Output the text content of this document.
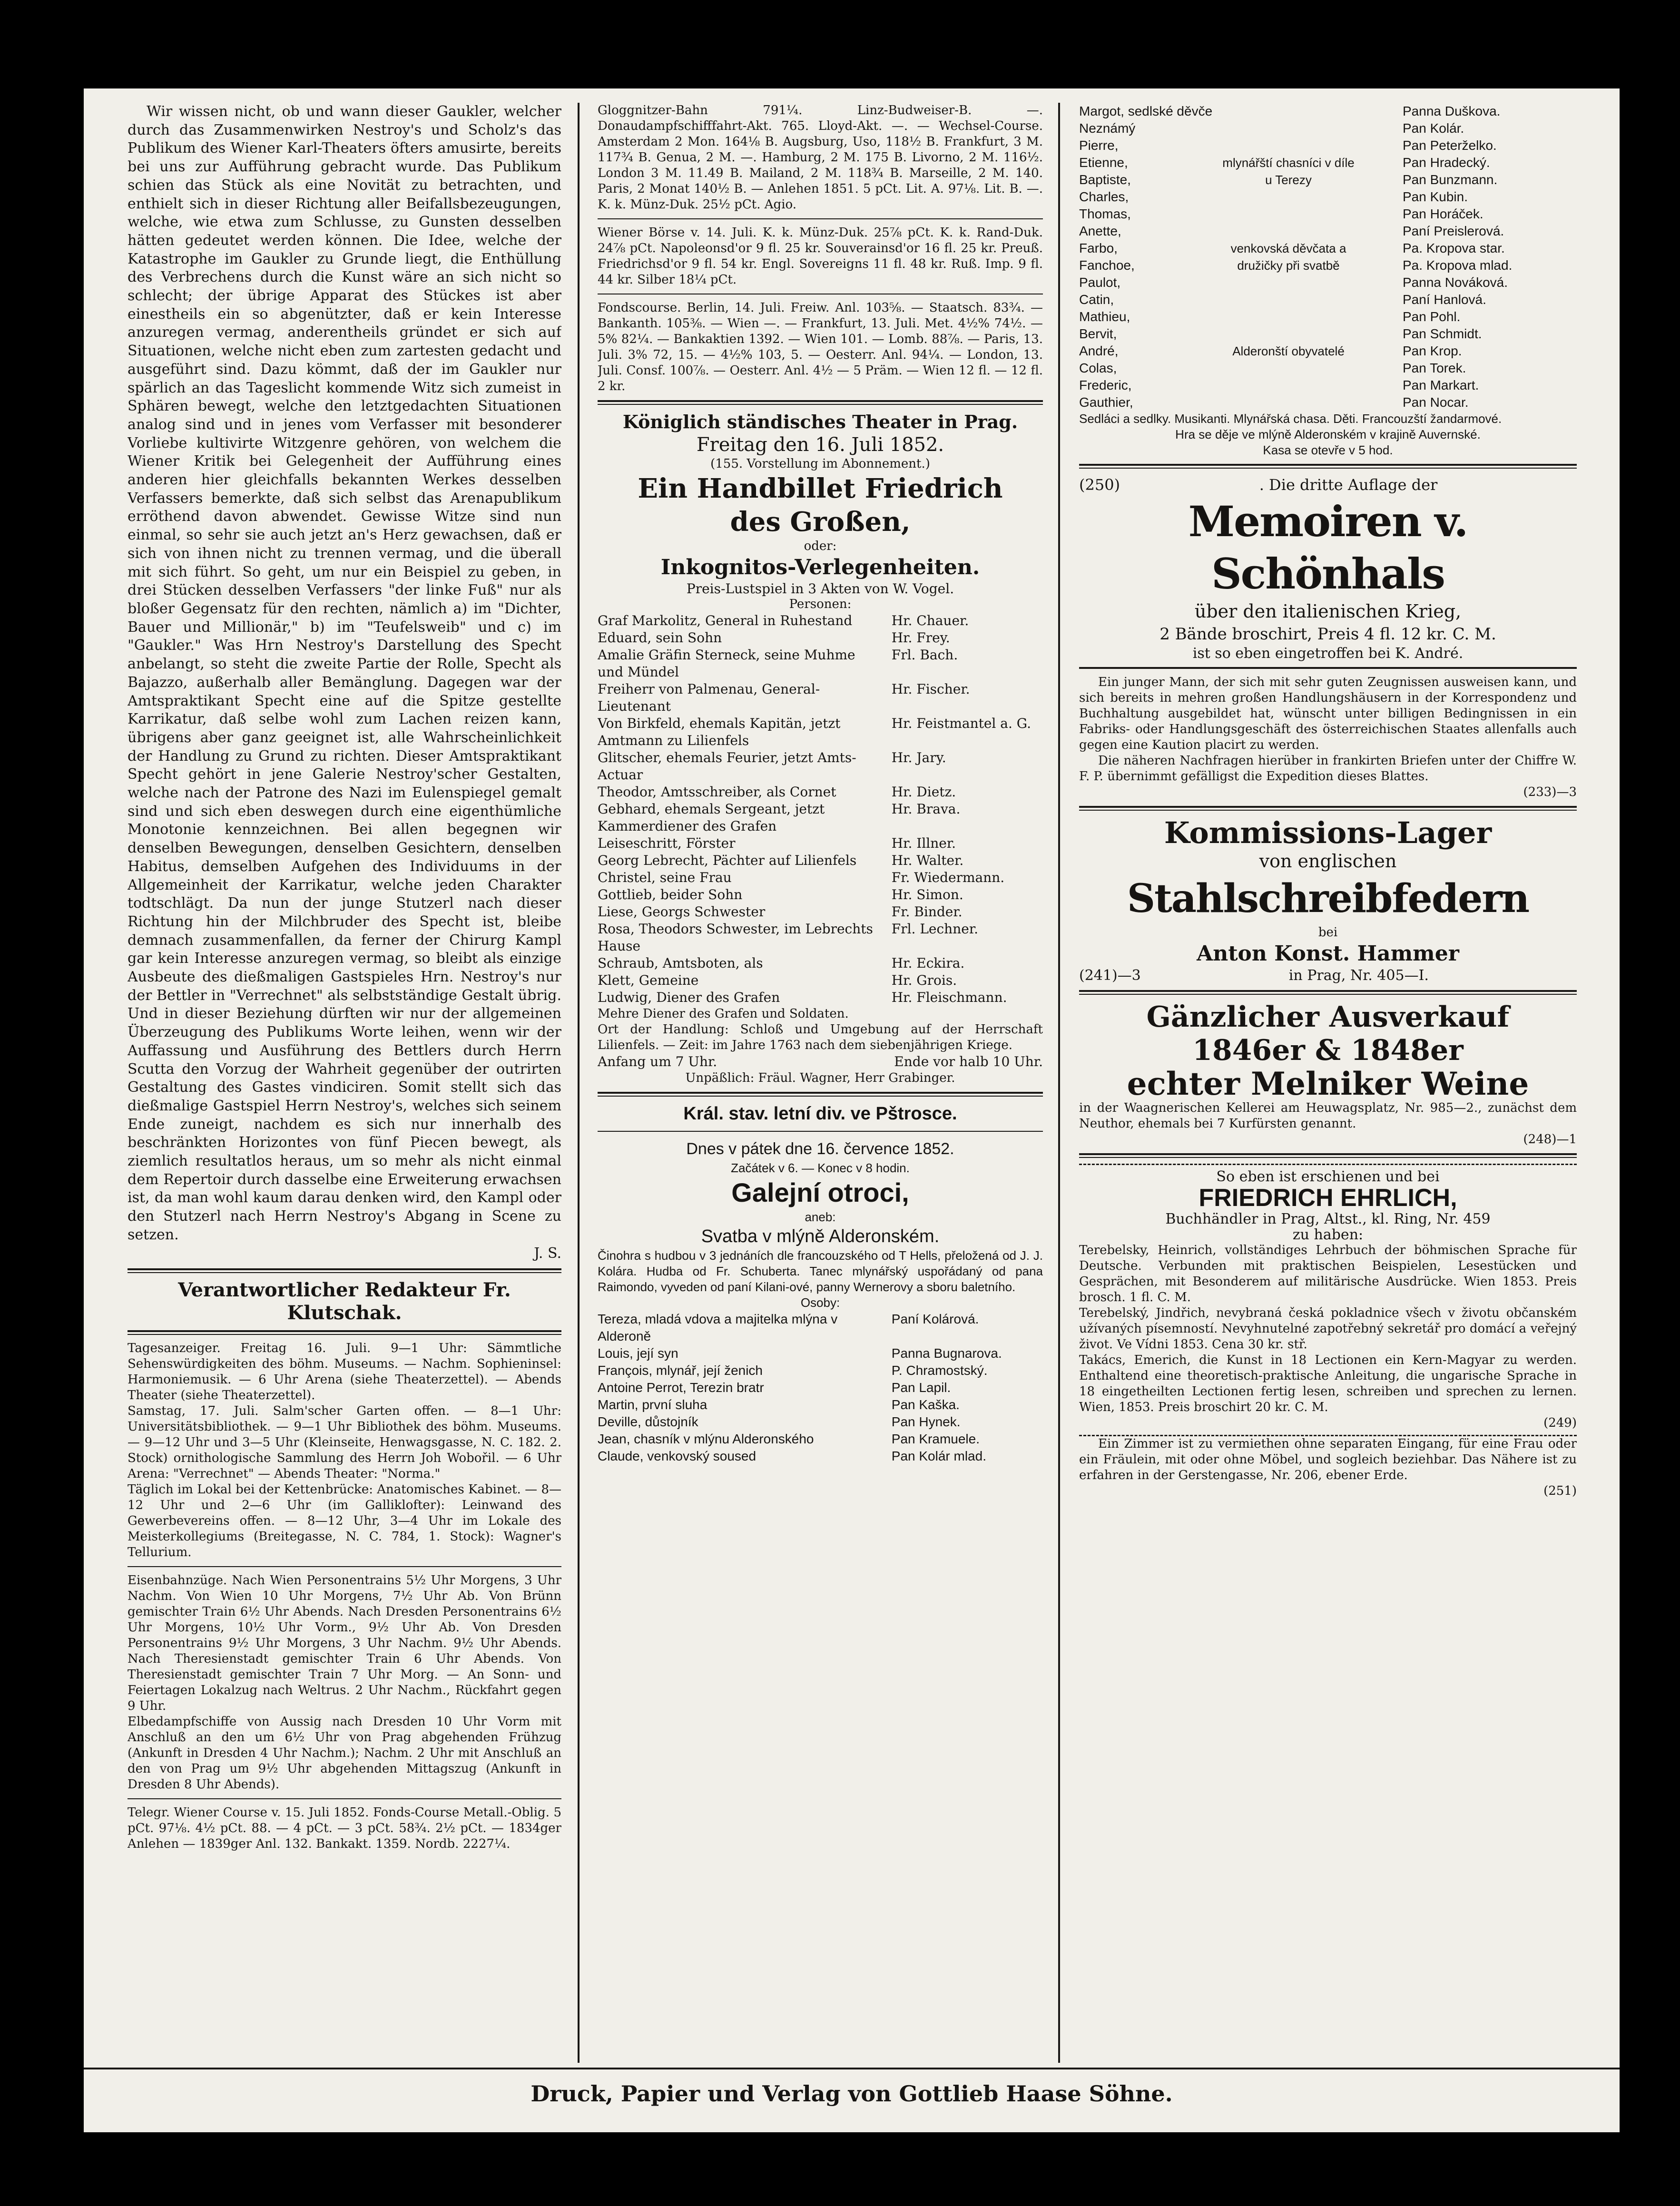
Wir wissen nicht, ob und wann dieser Gaukler, welcher durch das Zusammenwirken Nestroy's und Scholz's das Publikum des Wiener Karl-Theaters öfters amusirte, bereits bei uns zur Aufführung gebracht wurde. Das Publikum schien das Stück als eine Novität zu betrachten, und enthielt sich in dieser Richtung aller Beifallsbezeugungen, welche, wie etwa zum Schlusse, zu Gunsten desselben hätten gedeutet werden können. Die Idee, welche der Katastrophe im Gaukler zu Grunde liegt, die Enthüllung des Verbrechens durch die Kunst wäre an sich nicht so schlecht; der übrige Apparat des Stückes ist aber einestheils ein so abgenützter, daß er kein Interesse anzuregen vermag, anderentheils gründet er sich auf Situationen, welche nicht eben zum zartesten gedacht und ausgeführt sind. Dazu kömmt, daß der im Gaukler nur spärlich an das Tageslicht kommende Witz sich zumeist in Sphären bewegt, welche den letztgedachten Situationen analog sind und in jenes vom Verfasser mit besonderer Vorliebe kultivirte Witzgenre gehören, von welchem die Wiener Kritik bei Gelegenheit der Aufführung eines anderen hier gleichfalls bekannten Werkes desselben Verfassers bemerkte, daß sich selbst das Arenapublikum erröthend davon abwendet. Gewisse Witze sind nun einmal, so sehr sie auch jetzt an's Herz gewachsen, daß er sich von ihnen nicht zu trennen vermag, und die überall mit sich führt. So geht, um nur ein Beispiel zu geben, in drei Stücken desselben Verfassers "der linke Fuß" nur als bloßer Gegensatz für den rechten, nämlich a) im "Dichter, Bauer und Millionär," b) im "Teufelsweib" und c) im "Gaukler." Was Hrn Nestroy's Darstellung des Specht anbelangt, so steht die zweite Partie der Rolle, Specht als Bajazzo, außerhalb aller Bemänglung. Dagegen war der Amtspraktikant Specht eine auf die Spitze gestellte Karrikatur, daß selbe wohl zum Lachen reizen kann, übrigens aber ganz geeignet ist, alle Wahrscheinlichkeit der Handlung zu Grund zu richten. Dieser Amtspraktikant Specht gehört in jene Galerie Nestroy'scher Gestalten, welche nach der Patrone des Nazi im Eulenspiegel gemalt sind und sich eben deswegen durch eine eigenthümliche Monotonie kennzeichnen. Bei allen begegnen wir denselben Bewegungen, denselben Gesichtern, denselben Habitus, demselben Aufgehen des Individuums in der Allgemeinheit der Karrikatur, welche jeden Charakter todtschlägt. Da nun der junge Stutzerl nach dieser Richtung hin der Milchbruder des Specht ist, bleibe demnach zusammenfallen, da ferner der Chirurg Kampl gar kein Interesse anzuregen vermag, so bleibt als einzige Ausbeute des dießmaligen Gastspieles Hrn. Nestroy's nur der Bettler in "Verrechnet" als selbstständige Gestalt übrig. Und in dieser Beziehung dürften wir nur der allgemeinen Überzeugung des Publikums Worte leihen, wenn wir der Auffassung und Ausführung des Bettlers durch Herrn Scutta den Vorzug der Wahrheit gegenüber der outrirten Gestaltung des Gastes vindiciren. Somit stellt sich das dießmalige Gastspiel Herrn Nestroy's, welches sich seinem Ende zuneigt, nachdem es sich nur innerhalb des beschränkten Horizontes von fünf Piecen bewegt, als ziemlich resultatlos heraus, um so mehr als nicht einmal dem Repertoir durch dasselbe eine Erweiterung erwachsen ist, da man wohl kaum darau denken wird, den Kampl oder den Stutzerl nach Herrn Nestroy's Abgang in Scene zu setzen.
J. S.
Verantwortlicher Redakteur Fr. Klutschak.
Tagesanzeiger. Freitag 16. Juli. 9—1 Uhr: Sämmtliche Sehenswürdigkeiten des böhm. Museums. — Nachm. Sophieninsel: Harmoniemusik. — 6 Uhr Arena (siehe Theaterzettel). — Abends Theater (siehe Theaterzettel).
Samstag, 17. Juli. Salm'scher Garten offen. — 8—1 Uhr: Universitätsbibliothek. — 9—1 Uhr Bibliothek des böhm. Museums. — 9—12 Uhr und 3—5 Uhr (Kleinseite, Henwagsgasse, N. C. 182. 2. Stock) ornithologische Sammlung des Herrn Joh Wobořil. — 6 Uhr Arena: "Verrechnet" — Abends Theater: "Norma."
Täglich im Lokal bei der Kettenbrücke: Anatomisches Kabinet. — 8—12 Uhr und 2—6 Uhr (im Galliklofter): Leinwand des Gewerbevereins offen. — 8—12 Uhr, 3—4 Uhr im Lokale des Meisterkollegiums (Breitegasse, N. C. 784, 1. Stock): Wagner's Tellurium.
Eisenbahnzüge. Nach Wien Personentrains 5½ Uhr Morgens, 3 Uhr Nachm. Von Wien 10 Uhr Morgens, 7½ Uhr Ab. Von Brünn gemischter Train 6½ Uhr Abends. Nach Dresden Personentrains 6½ Uhr Morgens, 10½ Uhr Vorm., 9½ Uhr Ab. Von Dresden Personentrains 9½ Uhr Morgens, 3 Uhr Nachm. 9½ Uhr Abends. Nach Theresienstadt gemischter Train 6 Uhr Abends. Von Theresienstadt gemischter Train 7 Uhr Morg. — An Sonn- und Feiertagen Lokalzug nach Weltrus. 2 Uhr Nachm., Rückfahrt gegen 9 Uhr.
Elbedampfschiffe von Aussig nach Dresden 10 Uhr Vorm mit Anschluß an den um 6½ Uhr von Prag abgehenden Frühzug (Ankunft in Dresden 4 Uhr Nachm.); Nachm. 2 Uhr mit Anschluß an den von Prag um 9½ Uhr abgehenden Mittagszug (Ankunft in Dresden 8 Uhr Abends).
Telegr. Wiener Course v. 15. Juli 1852. Fonds-Course Metall.-Oblig. 5 pCt. 97⅛. 4½ pCt. 88. — 4 pCt. — 3 pCt. 58¾. 2½ pCt. — 1834ger Anlehen — 1839ger Anl. 132. Bankakt. 1359. Nordb. 2227¼.
Gloggnitzer-Bahn 791¼. Linz-Budweiser-B. —. Donaudampfschifffahrt-Akt. 765. Lloyd-Akt. —. — Wechsel-Course. Amsterdam 2 Mon. 164⅛ B. Augsburg, Uso, 118½ B. Frankfurt, 3 M. 117¾ B. Genua, 2 M. —. Hamburg, 2 M. 175 B. Livorno, 2 M. 116½. London 3 M. 11.49 B. Mailand, 2 M. 118¾ B. Marseille, 2 M. 140. Paris, 2 Monat 140½ B. — Anlehen 1851. 5 pCt. Lit. A. 97⅛. Lit. B. —. K. k. Münz-Duk. 25½ pCt. Agio.
Wiener Börse v. 14. Juli. K. k. Münz-Duk. 25⅞ pCt. K. k. Rand-Duk. 24⅞ pCt. Napoleonsd'or 9 fl. 25 kr. Souverainsd'or 16 fl. 25 kr. Preuß. Friedrichsd'or 9 fl. 54 kr. Engl. Sovereigns 11 fl. 48 kr. Ruß. Imp. 9 fl. 44 kr. Silber 18¼ pCt.
Fondscourse. Berlin, 14. Juli. Freiw. Anl. 103⅝. — Staatsch. 83¾. — Bankanth. 105⅜. — Wien —. — Frankfurt, 13. Juli. Met. 4½% 74½. — 5% 82¼. — Bankaktien 1392. — Wien 101. — Lomb. 88⅞. — Paris, 13. Juli. 3% 72, 15. — 4½% 103, 5. — Oesterr. Anl. 94¼. — London, 13. Juli. Consf. 100⅞. — Oesterr. Anl. 4½ — 5 Präm. — Wien 12 fl. — 12 fl. 2 kr.
Königlich ständisches Theater in Prag.
Freitag den 16. Juli 1852.
(155. Vorstellung im Abonnement.)
Ein Handbillet Friedrich
des Großen,
oder:
Inkognitos-Verlegenheiten.
Preis-Lustspiel in 3 Akten von W. Vogel.
Personen:
Graf Markolitz, General in Ruhestand	Hr. Chauer.
Eduard, sein Sohn	Hr. Frey.
Amalie Gräfin Sterneck, seine Muhme und Mündel
Frl. Bach.
Freiherr von Palmenau, General-Lieutenant
Hr. Fischer.
Von Birkfeld, ehemals Kapitän, jetzt Amtmann zu Lilienfels
Hr. Feistmantel a. G.
Glitscher, ehemals Feurier, jetzt Amts-Actuar
Hr. Jary.
Theodor, Amtsschreiber, als Cornet	Hr. Dietz.
Gebhard, ehemals Sergeant, jetzt Kammerdiener des Grafen
Hr. Brava.
Leiseschritt, Förster	Hr. Illner.
Georg Lebrecht, Pächter auf Lilienfels	Hr. Walter.
Christel, seine Frau	Fr. Wiedermann.
Gottlieb, beider Sohn	Hr. Simon.
Liese, Georgs Schwester	Fr. Binder.
Rosa, Theodors Schwester, im Lebrechts Hause
Frl. Lechner.
Schraub, Amtsboten, als	Hr. Eckira.
Klett, Gemeine	Hr. Grois.
Ludwig, Diener des Grafen	Hr. Fleischmann.
Mehre Diener des Grafen und Soldaten.
Ort der Handlung: Schloß und Umgebung auf der Herrschaft Lilienfels. — Zeit: im Jahre 1763 nach dem siebenjährigen Kriege.
Anfang um 7 Uhr.	Ende vor halb 10 Uhr.
Unpäßlich: Fräul. Wagner, Herr Grabinger.
Král. stav. letní div. ve Pštrosce.
Dnes v pátek dne 16. července 1852.
Začátek v 6. — Konec v 8 hodin.
Galejní otroci,
aneb:
Svatba v mlýně Alderonském.
Činohra s hudbou v 3 jednáních dle francouzského od T Hells, přeložená od J. J. Kolára. Hudba od Fr. Schuberta. Tanec mlynářský uspořádaný od pana Raimondo, vyveden od paní Kilani-ové, panny Wernerovy a sboru baletního.
Osoby:
Tereza, mladá vdova a majitelka mlýna v Alderoně
Paní Kolárová.
Louis, její syn	Panna Bugnarova.
François, mlynář, její ženich	P. Chramostský.
Antoine Perrot, Terezin bratr	Pan Lapil.
Martin, první sluha	Pan Kaška.
Deville, důstojník	Pan Hynek.
Jean, chasník v mlýnu Alderonského	Pan Kramuele.
Claude, venkovský soused	Pan Kolár mlad.
Margot, sedlské děvče	Panna Duškova.
Neznámý	Pan Kolár.
Pierre,	Pan Peterželko.
Etienne,	mlynářští chasníci v díle	Pan Hradecký.
Baptiste,	u Terezy	Pan Bunzmann.
Charles,	Pan Kubin.
Thomas,	Pan Horáček.
Anette,	Paní Preislerová.
Farbo,	venkovská děvčata a	Pa. Kropova star.
Fanchoe,	družičky při svatbě	Pa. Kropova mlad.
Paulot,	Panna Nováková.
Catin,	Paní Hanlová.
Mathieu,	Pan Pohl.
Bervit,	Pan Schmidt.
André,	Alderonští obyvatelé	Pan Krop.
Colas,	Pan Torek.
Frederic,	Pan Markart.
Gauthier,	Pan Nocar.
Sedláci a sedlky. Musikanti. Mlynářská chasa. Děti. Francouzští žandarmové.
Hra se děje ve mlýně Alderonském v krajině Auvernské.
Kasa se otevře v 5 hod.
(250)	. Die dritte Auflage der
Memoiren v. Schönhals
über den italienischen Krieg,
2 Bände broschirt, Preis 4 fl. 12 kr. C. M.
ist so eben eingetroffen bei K. André.
Ein junger Mann, der sich mit sehr guten Zeugnissen ausweisen kann, und sich bereits in mehren großen Handlungshäusern in der Korrespondenz und Buchhaltung ausgebildet hat, wünscht unter billigen Bedingnissen in ein Fabriks- oder Handlungsgeschäft des österreichischen Staates allenfalls auch gegen eine Kaution placirt zu werden.
Die näheren Nachfragen hierüber in frankirten Briefen unter der Chiffre W. F. P. übernimmt gefälligst die Expedition dieses Blattes.
(233)—3
Kommissions-Lager
von englischen
Stahlschreibfedern
bei
Anton Konst. Hammer
(241)—3	in Prag, Nr. 405—I.
Gänzlicher Ausverkauf
1846er & 1848er
echter Melniker Weine
in der Waagnerischen Kellerei am Heuwagsplatz, Nr. 985—2., zunächst dem Neuthor, ehemals bei 7 Kurfürsten genannt.
(248)—1
So eben ist erschienen und bei
FRIEDRICH EHRLICH,
Buchhändler in Prag, Altst., kl. Ring, Nr. 459
zu haben:
Terebelsky, Heinrich, vollständiges Lehrbuch der böhmischen Sprache für Deutsche. Verbunden mit praktischen Beispielen, Lesestücken und Gesprächen, mit Besonderem auf militärische Ausdrücke. Wien 1853. Preis brosch. 1 fl. C. M.
Terebelský, Jindřich, nevybraná česká pokladnice všech v životu občanském užívaných písemností. Nevyhnutelné zapotřebný sekretář pro domácí a veřejný život. Ve Vídni 1853. Cena 30 kr. stř.
Takács, Emerich, die Kunst in 18 Lectionen ein Kern-Magyar zu werden. Enthaltend eine theoretisch-praktische Anleitung, die ungarische Sprache in 18 eingetheilten Lectionen fertig lesen, schreiben und sprechen zu lernen. Wien, 1853. Preis broschirt 20 kr. C. M.
(249)
Ein Zimmer ist zu vermiethen ohne separaten Eingang, für eine Frau oder ein Fräulein, mit oder ohne Möbel, und sogleich beziehbar. Das Nähere ist zu erfahren in der Gerstengasse, Nr. 206, ebener Erde.
(251)
Druck, Papier und Verlag von Gottlieb Haase Söhne.
